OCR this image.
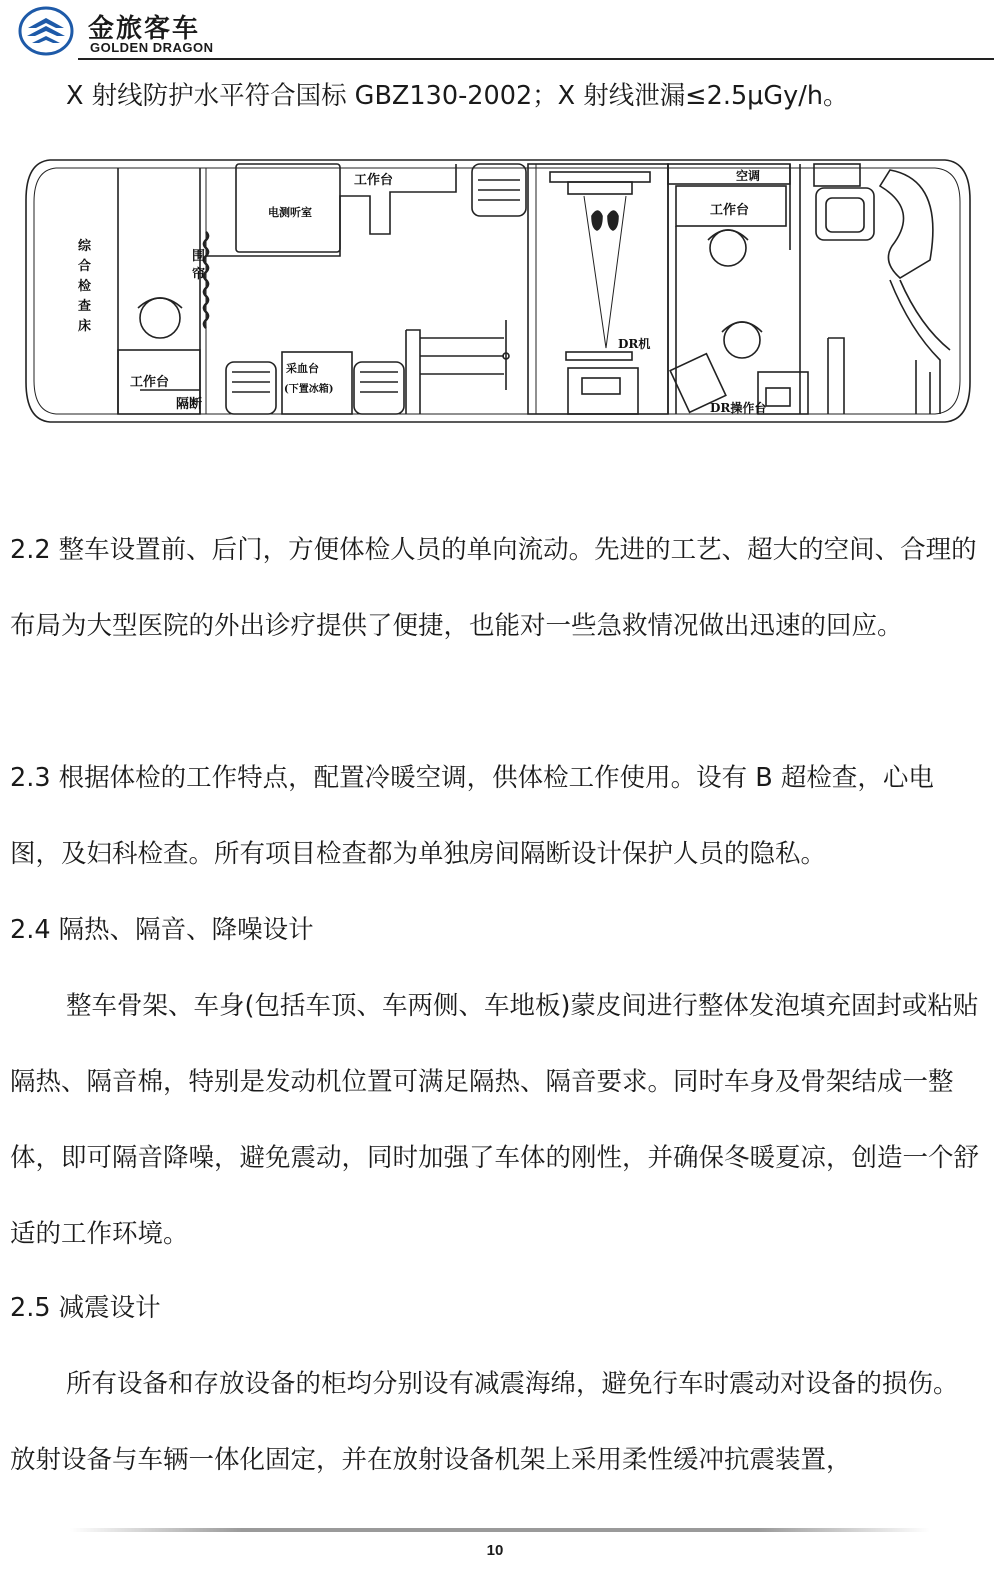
金旅客车
GOLDEN DRAGON

X 射线防护水平符合国标 GBZ130-2002；X 射线泄漏≤2.5μGy/h。

综合检查床
围帘
工作台
隔断
电测听室
工作台
采血台
(下置冰箱)
DR机
空调
工作台
DR操作台

2.2 整车设置前、后门，方便体检人员的单向流动。先进的工艺、超大的空间、合理的布局为大型医院的外出诊疗提供了便捷，也能对一些急救情况做出迅速的回应。

2.3 根据体检的工作特点，配置冷暖空调，供体检工作使用。设有 B 超检查，心电图，及妇科检查。所有项目检查都为单独房间隔断设计保护人员的隐私。

2.4 隔热、隔音、降噪设计

整车骨架、车身(包括车顶、车两侧、车地板)蒙皮间进行整体发泡填充固封或粘贴隔热、隔音棉，特别是发动机位置可满足隔热、隔音要求。同时车身及骨架结成一整体，即可隔音降噪，避免震动，同时加强了车体的刚性，并确保冬暖夏凉，创造一个舒适的工作环境。

2.5 减震设计

所有设备和存放设备的柜均分别设有减震海绵，避免行车时震动对设备的损伤。放射设备与车辆一体化固定，并在放射设备机架上采用柔性缓冲抗震装置，

10
